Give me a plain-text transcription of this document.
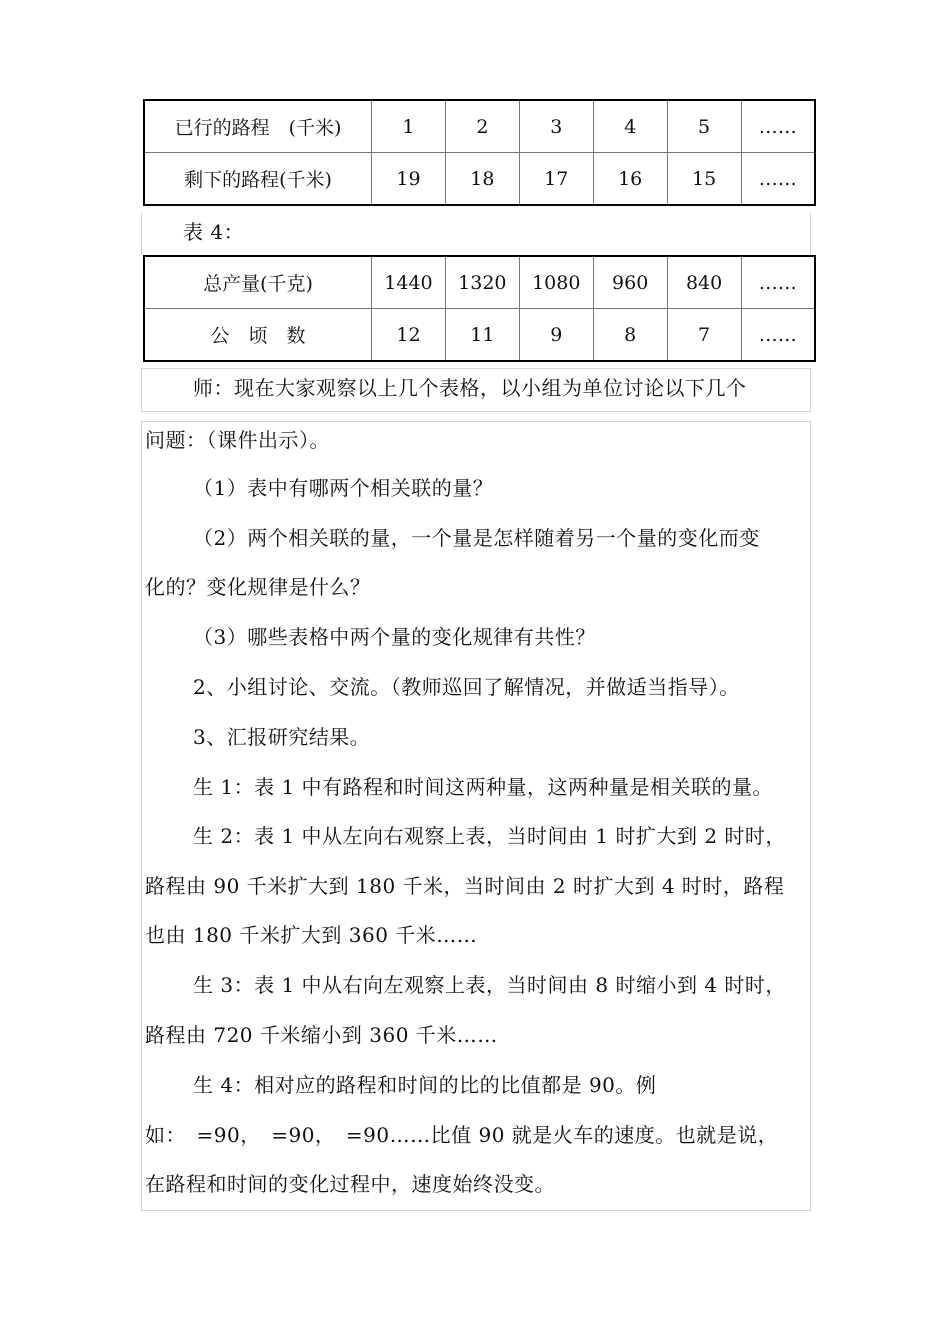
已行的路程　(千米)	1	2	3	4	5	……
剩下的路程(千米)	19	18	17	16	15	……
表 4：
总产量(千克)	1440	1320	1080	960	840	……
公　顷　数	12	11	9	8	7	……
师：现在大家观察以上几个表格，以小组为单位讨论以下几个
问题：（课件出示）。
（1）表中有哪两个相关联的量？
（2）两个相关联的量，一个量是怎样随着另一个量的变化而变
化的？变化规律是什么？
（3）哪些表格中两个量的变化规律有共性？
2、小组讨论、交流。（教师巡回了解情况，并做适当指导）。
3、汇报研究结果。
生 1：表 1 中有路程和时间这两种量，这两种量是相关联的量。
生 2：表 1 中从左向右观察上表，当时间由 1 时扩大到 2 时时，
路程由 90 千米扩大到 180 千米，当时间由 2 时扩大到 4 时时，路程
也由 180 千米扩大到 360 千米……
生 3：表 1 中从右向左观察上表，当时间由 8 时缩小到 4 时时，
路程由 720 千米缩小到 360 千米……
生 4：相对应的路程和时间的比的比值都是 90。例
如：　=90，　=90，　=90……比值 90 就是火车的速度。也就是说，
在路程和时间的变化过程中，速度始终没变。
